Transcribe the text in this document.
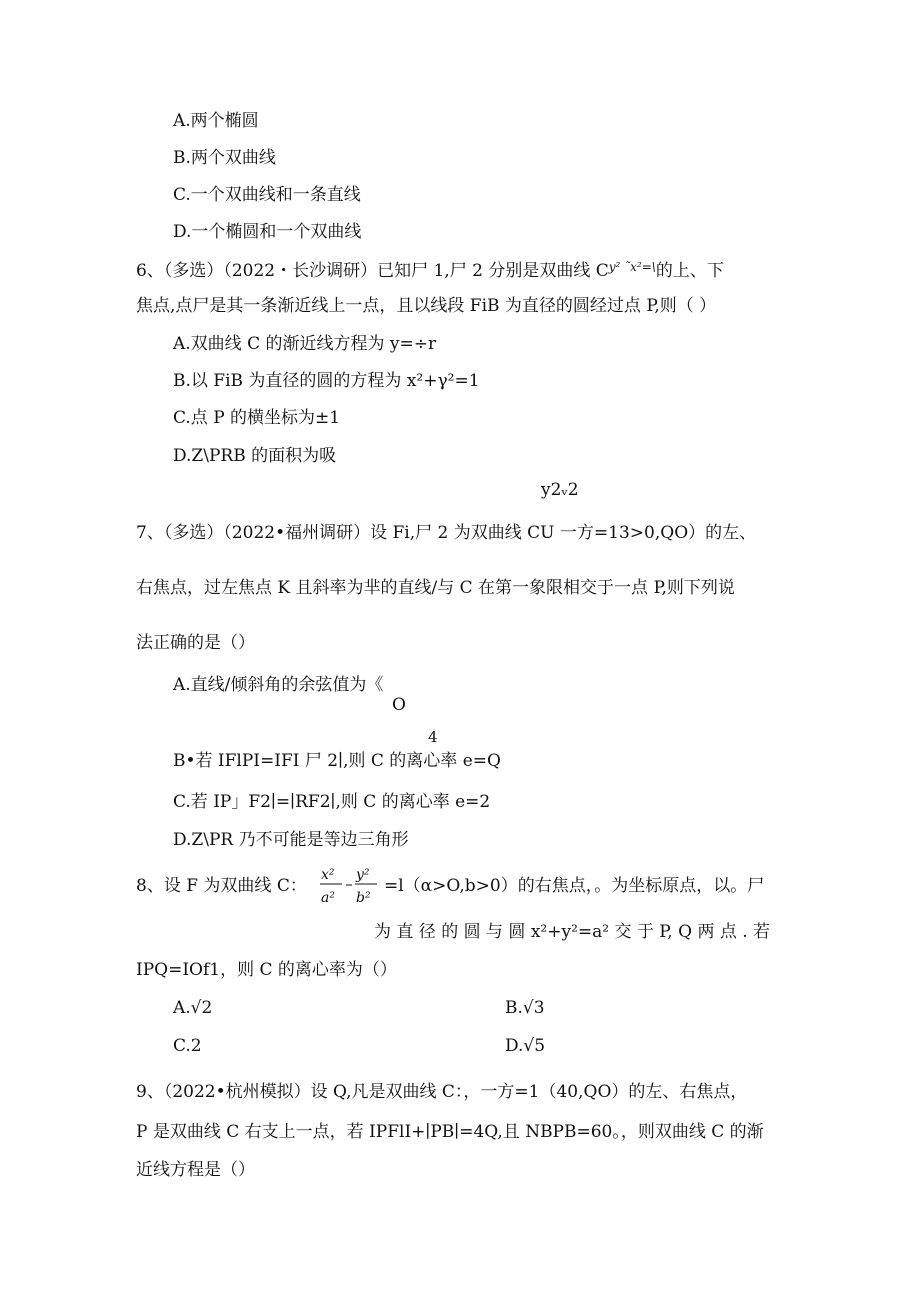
A.两个椭圆
B.两个双曲线
C.一个双曲线和一条直线
D.一个椭圆和一个双曲线
6、（多选）（2022・长沙调研）已知尸 1,尸 2 分别是双曲线 $C^{y^2 ˜x^2=\backslash}$的上、下
焦点,点尸是其一条渐近线上一点，且以线段 FiB 为直径的圆经过点 P,则（ ）
A.双曲线 C 的渐近线方程为 y=÷r
B.以 FiB 为直径的圆的方程为 x²+γ²=1
C.点 P 的横坐标为±1
D.Z\PRB 的面积为吸
y2ᵥ2
7、（多选）（2022•福州调研）设 Fi,尸 2 为双曲线 CU 一方=13>0,QO）的左、
右焦点，过左焦点 K 且斜率为芈的直线/与 C 在第一象限相交于一点 P,则下列说
法正确的是（）
A.直线/倾斜角的余弦值为《
O
4
B•若 IFlPI=IFI 尸 2∣,则 C 的离心率 e=Q
C.若 IP」F2∣=∣RF2∣,则 C 的离心率 e=2
D.Z\PR 乃不可能是等边三角形
8、设 F 为双曲线 C：
x²
a²
y²
b²
=l（α>O,b>0）的右焦点，。为坐标原点，以。尸
为 直 径 的 圆 与 圆 x²+y²=a² 交 于 P, Q 两 点 . 若
IPQ=IOf1，则 C 的离心率为（）
A.√2	B.√3
C.2	D.√5
9、（2022•杭州模拟）设 Q,凡是双曲线 C：，一方=1（40,QO）的左、右焦点，
P 是双曲线 C 右支上一点，若 IPFlI+∣PB∣=4Q,且 NBPB=60。，则双曲线 C 的渐
近线方程是（）
